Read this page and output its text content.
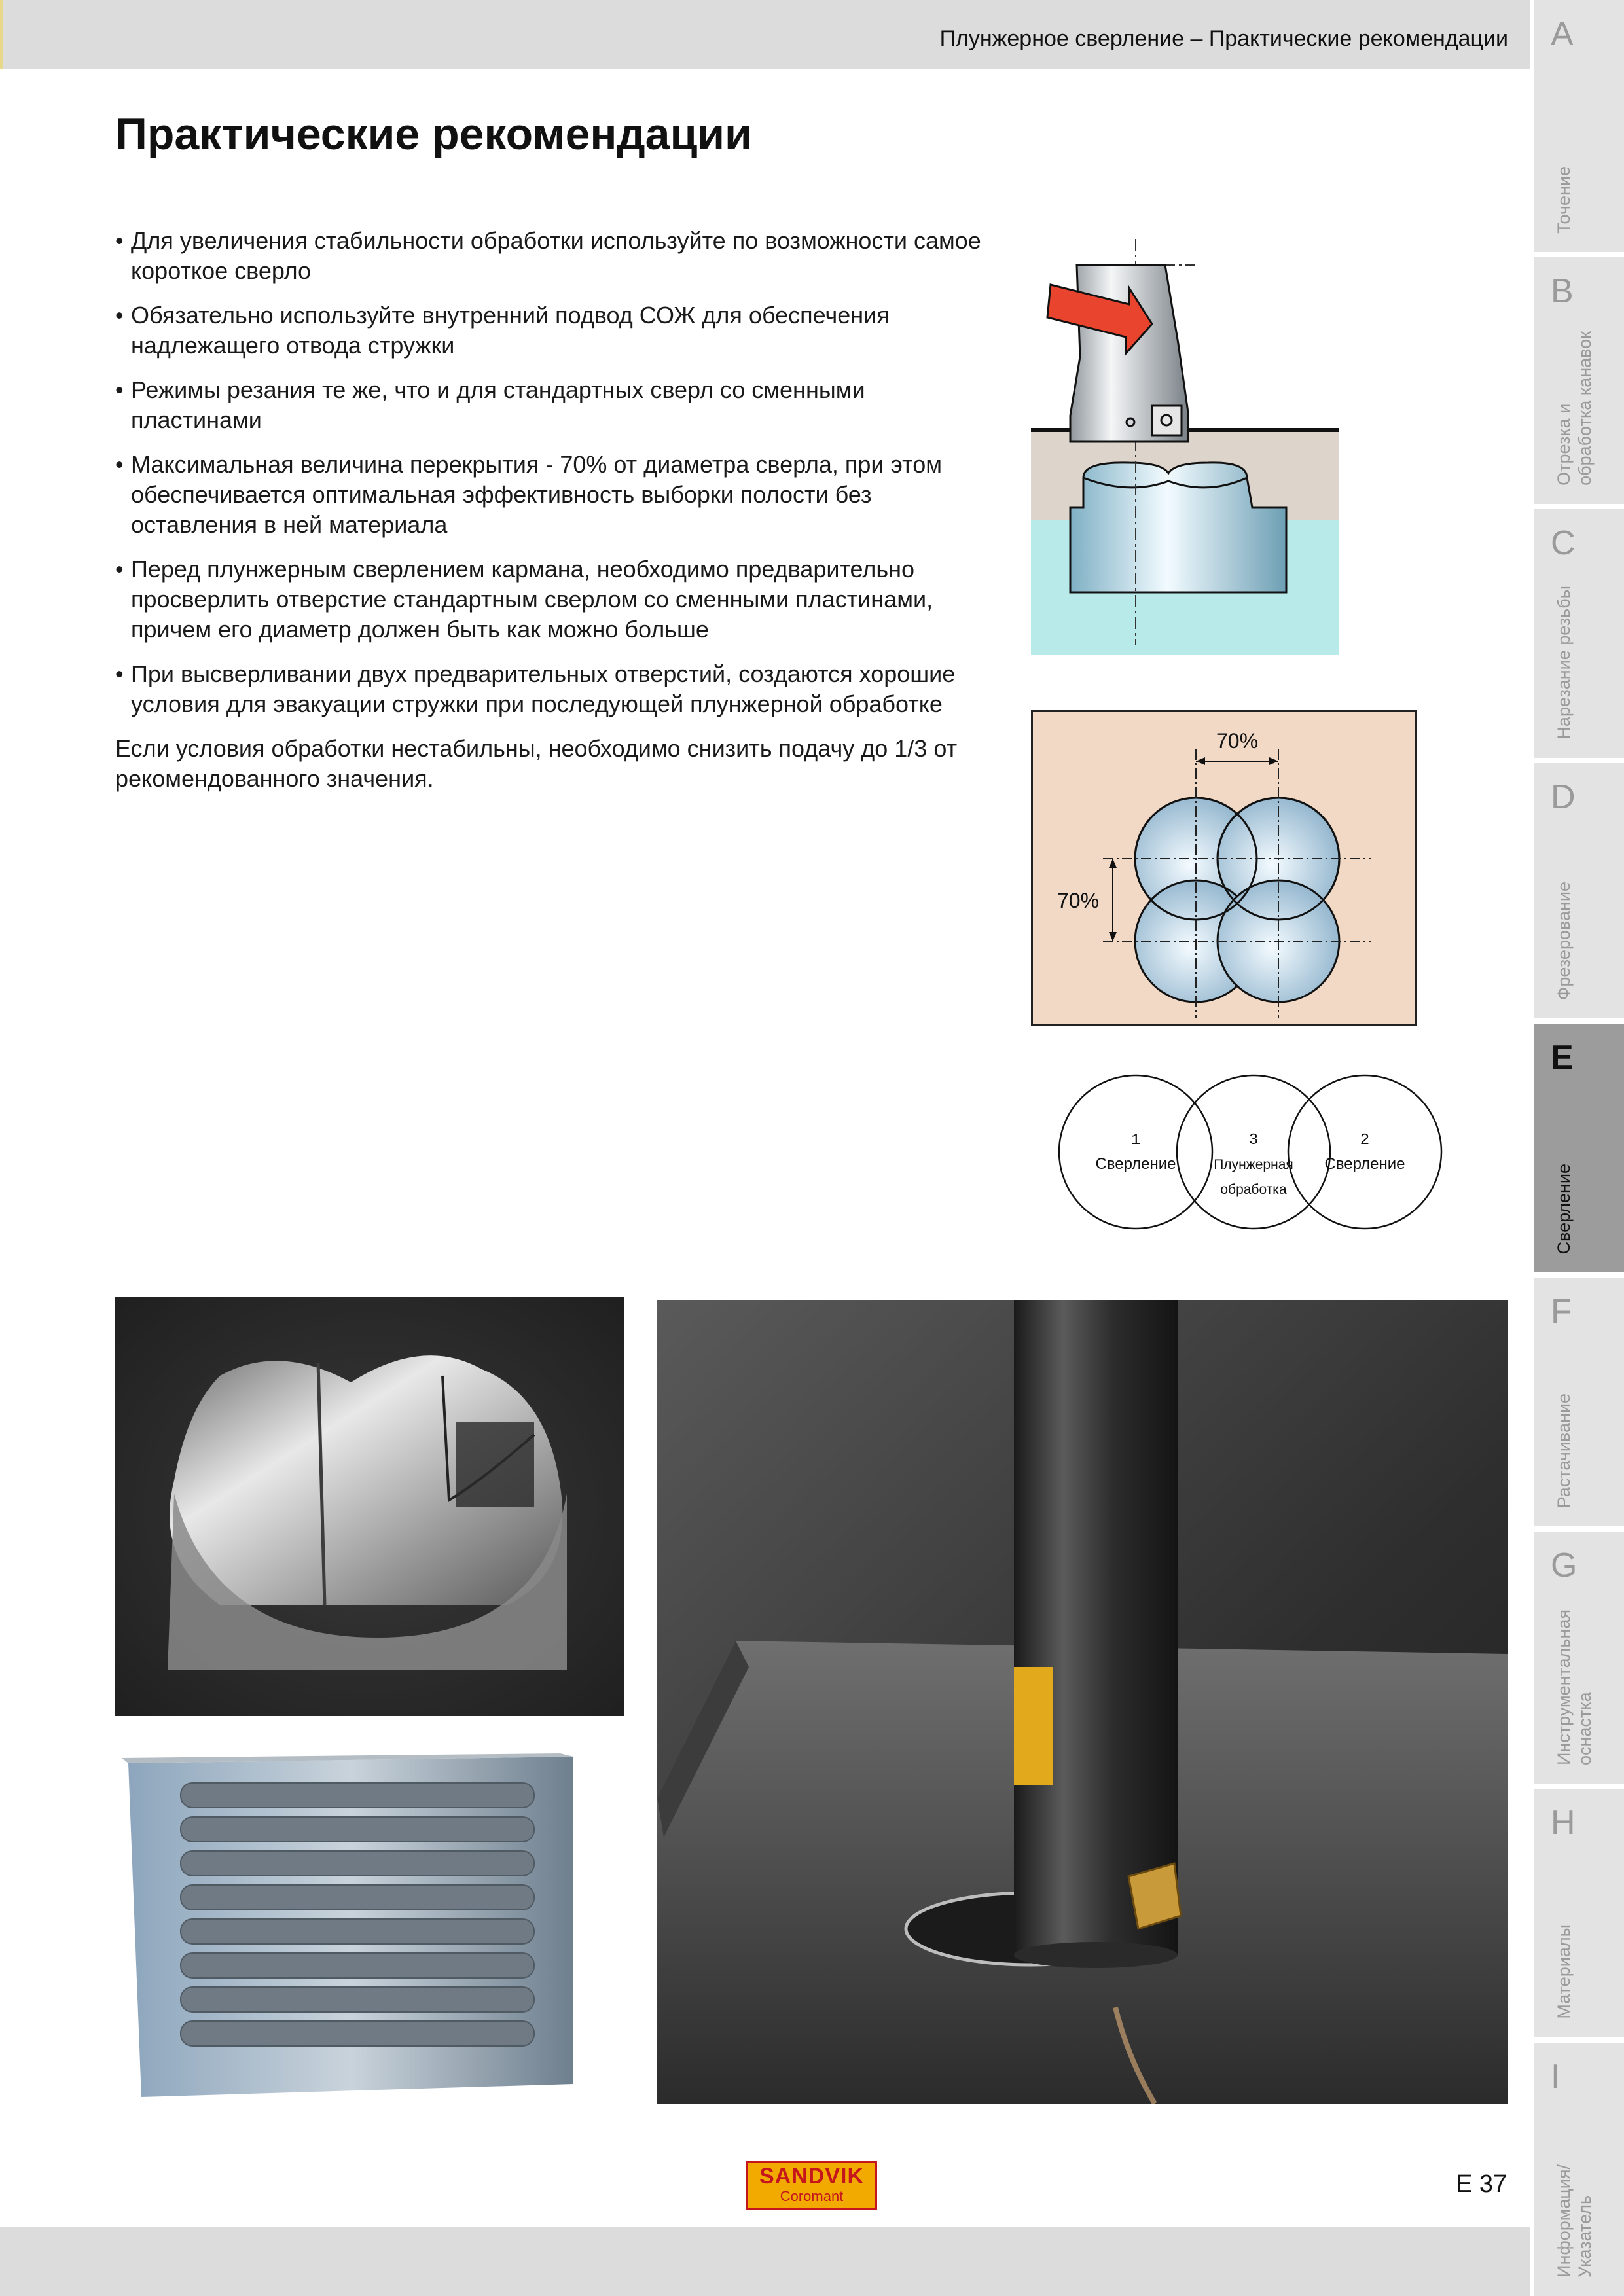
Плунжерное сверление – Практические рекомендации
Практические рекомендации
• Для увеличения стабильности обработки используйте по возможности самое короткое сверло
• Обязательно используйте внутренний подвод СОЖ для обеспечения надлежащего отвода стружки
• Режимы резания те же, что и для стандартных сверл со сменными пластинами
• Максимальная величина перекрытия - 70% от диаметра сверла, при этом обеспечивается оптимальная эффективность выборки полости без оставления в ней материала
• Перед плунжерным сверлением кармана, необходимо предварительно просверлить отверстие стандартным сверлом со сменными пластинами, причем его диаметр должен быть как можно больше
• При высверливании двух предварительных отверстий, создаются хорошие условия для эвакуации стружки при последующей плунжерной обработке

Если условия обработки нестабильны, необходимо снизить подачу до 1/3 от рекомендованного значения.

70%
70%
1
Сверление
3
Плунжерная
обработка
2
Сверление
A
Точение
B
Отрезка и
обработка канавок
C
Нарезание резьбы
D
Фрезерование
E
Сверление
F
Растачивание
G
Инструментальная
оснастка
H
Материалы
I
Информация/
Указатель
SANDVIK
Coromant	E 37
